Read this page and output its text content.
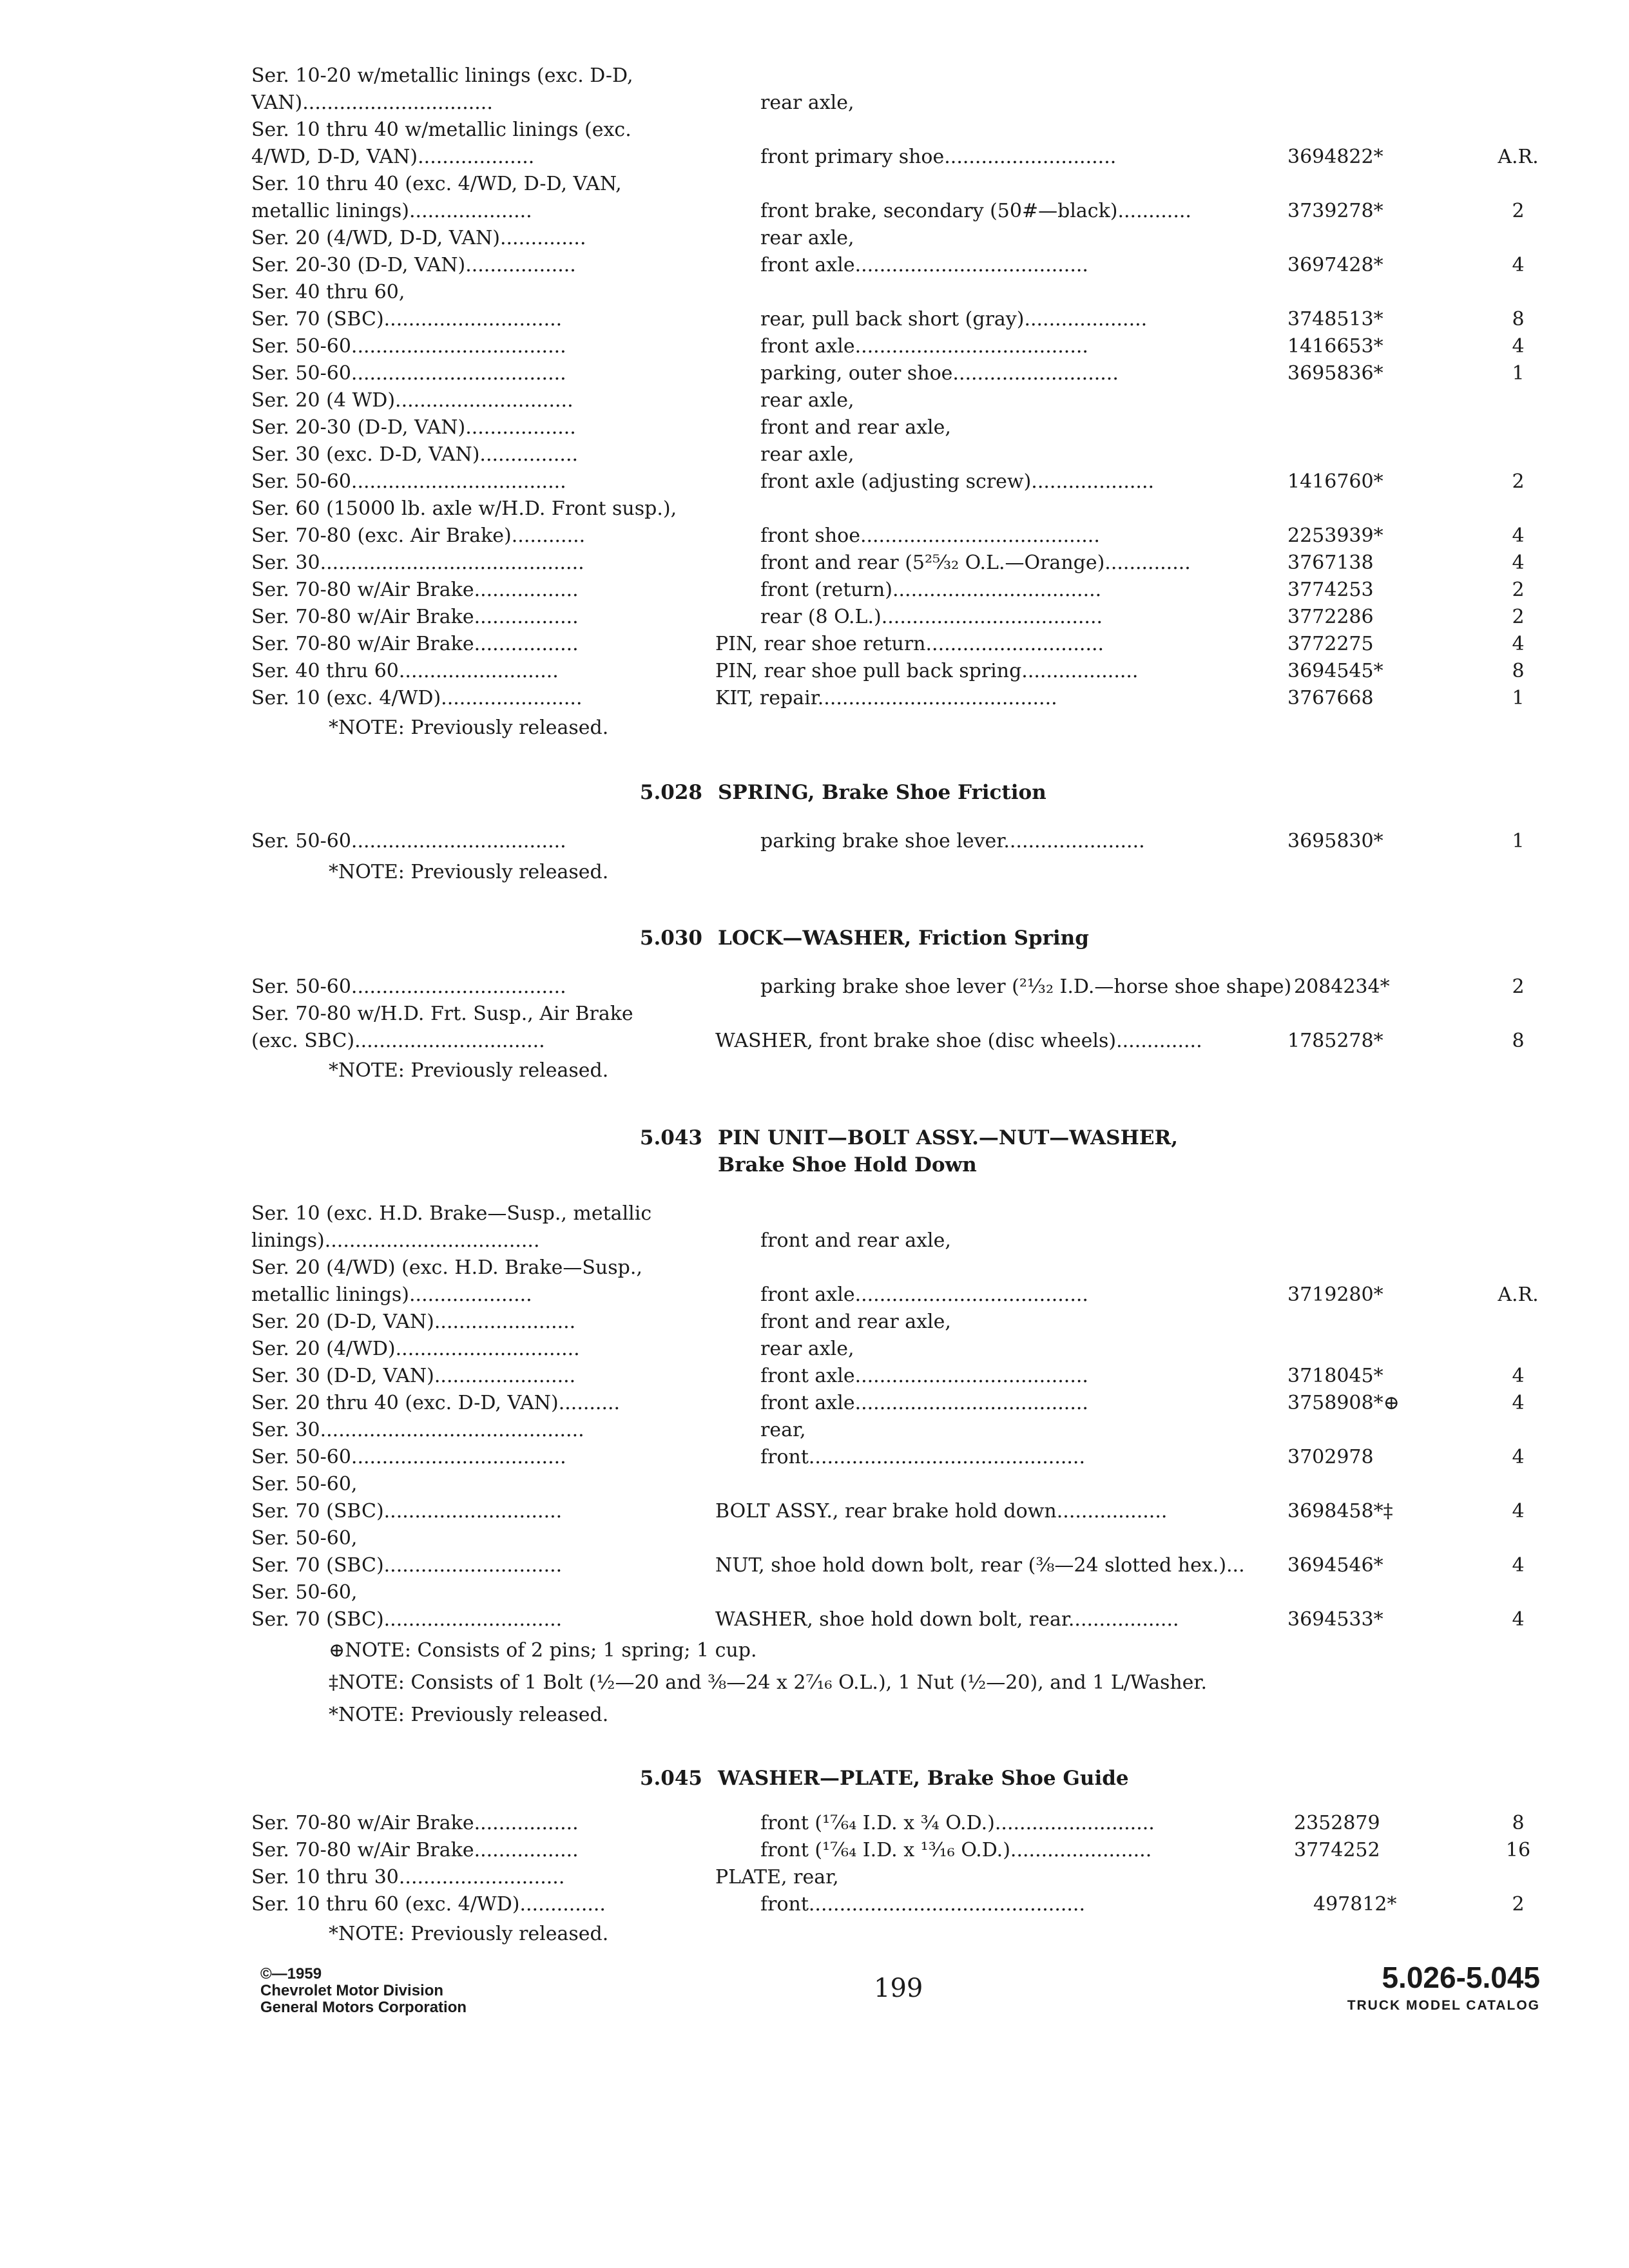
Ser. 10-20 w/metallic linings (exc. D-D,
VAN)...............................	rear axle,
Ser. 10 thru 40 w/metallic linings (exc.
4/WD, D-D, VAN)...................	front primary shoe............................	3694822*	A.R.
Ser. 10 thru 40 (exc. 4/WD, D-D, VAN,
metallic linings)....................	front brake, secondary (50#—black)............	3739278*	2
Ser. 20 (4/WD, D-D, VAN)..............	rear axle,
Ser. 20-30 (D-D, VAN)..................	front axle......................................	3697428*	4
Ser. 40 thru 60,
Ser. 70 (SBC).............................	rear, pull back short (gray)....................	3748513*	8
Ser. 50-60...................................	front axle......................................	1416653*	4
Ser. 50-60...................................	parking, outer shoe...........................	3695836*	1
Ser. 20 (4 WD).............................	rear axle,
Ser. 20-30 (D-D, VAN)..................	front and rear axle,
Ser. 30 (exc. D-D, VAN)................	rear axle,
Ser. 50-60...................................	front axle (adjusting screw)....................	1416760*	2
Ser. 60 (15000 lb. axle w/H.D. Front susp.),
Ser. 70-80 (exc. Air Brake)............	front shoe.......................................	2253939*	4
Ser. 30...........................................	front and rear (5²⁵⁄₃₂ O.L.—Orange)..............	3767138	4
Ser. 70-80 w/Air Brake.................	front (return)..................................	3774253	2
Ser. 70-80 w/Air Brake.................	rear (8 O.L.)....................................	3772286	2
Ser. 70-80 w/Air Brake.................	PIN, rear shoe return.............................	3772275	4
Ser. 40 thru 60..........................	PIN, rear shoe pull back spring...................	3694545*	8
Ser. 10 (exc. 4/WD).......................	KIT, repair.......................................	3767668	1
*NOTE: Previously released.
5.028 SPRING, Brake Shoe Friction
Ser. 50-60...................................	parking brake shoe lever.......................	3695830*	1
*NOTE: Previously released.
5.030 LOCK—WASHER, Friction Spring
Ser. 50-60...................................	parking brake shoe lever (²¹⁄₃₂ I.D.—horse shoe shape) 2084234*	2
Ser. 70-80 w/H.D. Frt. Susp., Air Brake
(exc. SBC)...............................	WASHER, front brake shoe (disc wheels)..............	1785278*	8
*NOTE: Previously released.
5.043 PIN UNIT—BOLT ASSY.—NUT—WASHER,
Brake Shoe Hold Down
Ser. 10 (exc. H.D. Brake—Susp., metallic
linings)...................................	front and rear axle,
Ser. 20 (4/WD) (exc. H.D. Brake—Susp.,
metallic linings)....................	front axle......................................	3719280*	A.R.
Ser. 20 (D-D, VAN).......................	front and rear axle,
Ser. 20 (4/WD)..............................	rear axle,
Ser. 30 (D-D, VAN).......................	front axle......................................	3718045*	4
Ser. 20 thru 40 (exc. D-D, VAN)..........	front axle......................................	3758908*⊕	4
Ser. 30...........................................	rear,
Ser. 50-60...................................	front.............................................	3702978	4
Ser. 50-60,
Ser. 70 (SBC).............................	BOLT ASSY., rear brake hold down..................	3698458*‡	4
Ser. 50-60,
Ser. 70 (SBC).............................	NUT, shoe hold down bolt, rear (⅜—24 slotted hex.)... 3694546*	4
Ser. 50-60,
Ser. 70 (SBC).............................	WASHER, shoe hold down bolt, rear..................	3694533*	4
⊕NOTE: Consists of 2 pins; 1 spring; 1 cup.
‡NOTE: Consists of 1 Bolt (½—20 and ⅜—24 x 2⁷⁄₁₆ O.L.), 1 Nut (½—20), and 1 L/Washer.
*NOTE: Previously released.
5.045 WASHER—PLATE, Brake Shoe Guide
Ser. 70-80 w/Air Brake.................	front (¹⁷⁄₆₄ I.D. x ¾ O.D.)..........................	2352879	8
Ser. 70-80 w/Air Brake.................	front (¹⁷⁄₆₄ I.D. x ¹³⁄₁₆ O.D.).......................	3774252	16
Ser. 10 thru 30...........................	PLATE, rear,
Ser. 10 thru 60 (exc. 4/WD)..............	front.............................................	497812*	2
*NOTE: Previously released.
©—1959
Chevrolet Motor Division
General Motors Corporation
199	5.026-5.045
TRUCK MODEL CATALOG
